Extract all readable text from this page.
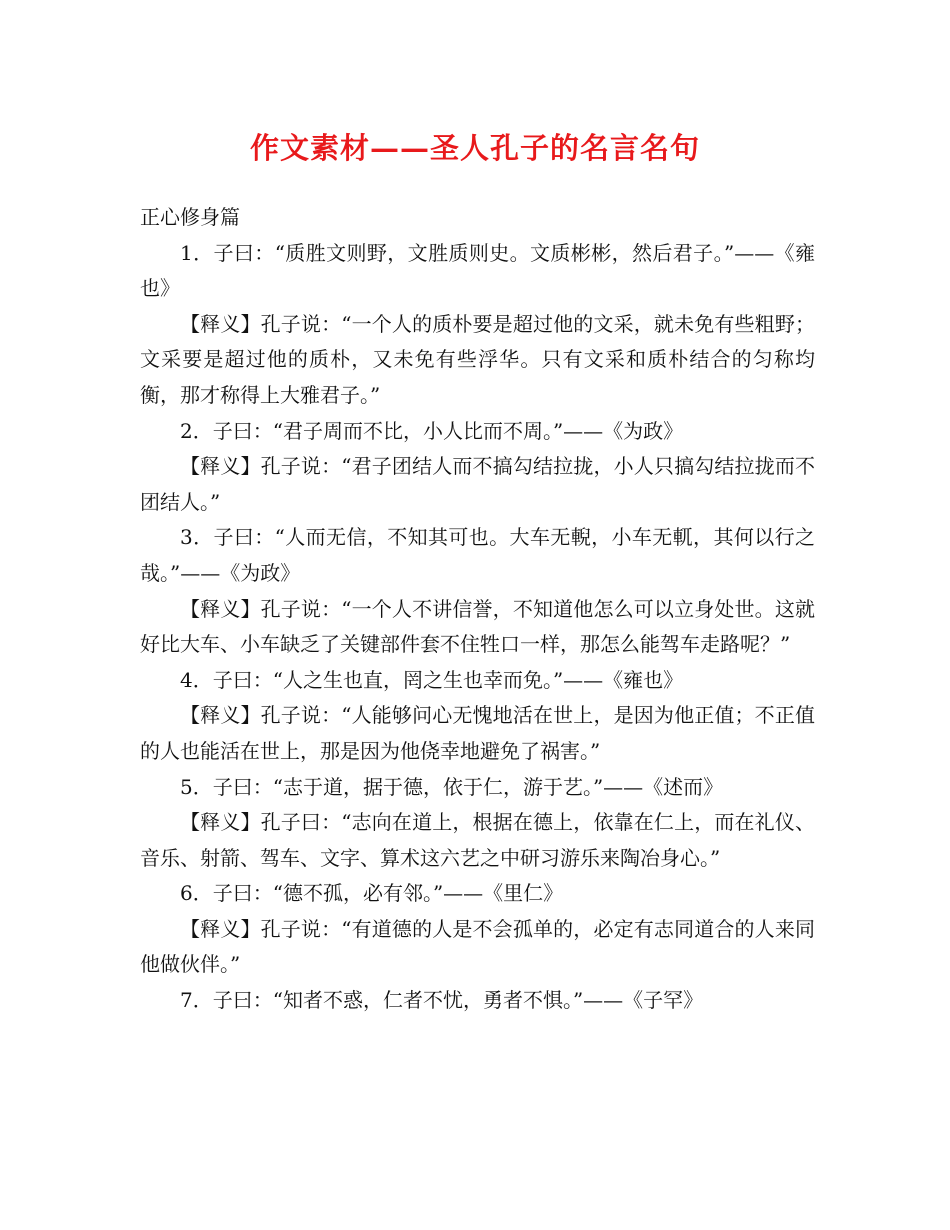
作文素材——圣人孔子的名言名句

正心修身篇

1．子曰：“质胜文则野，文胜质则史。文质彬彬，然后君子。”——《雍也》

【释义】孔子说：“一个人的质朴要是超过他的文采，就未免有些粗野；文采要是超过他的质朴，又未免有些浮华。只有文采和质朴结合的匀称均衡，那才称得上大雅君子。”

2．子曰：“君子周而不比，小人比而不周。”——《为政》

【释义】孔子说：“君子团结人而不搞勾结拉拢，小人只搞勾结拉拢而不团结人。”

3．子曰：“人而无信，不知其可也。大车无輗，小车无軏，其何以行之哉。”——《为政》

【释义】孔子说：“一个人不讲信誉，不知道他怎么可以立身处世。这就好比大车、小车缺乏了关键部件套不住牲口一样，那怎么能驾车走路呢？”

4．子曰：“人之生也直，罔之生也幸而免。”——《雍也》

【释义】孔子说：“人能够问心无愧地活在世上，是因为他正值；不正值的人也能活在世上，那是因为他侥幸地避免了祸害。”

5．子曰：“志于道，据于德，依于仁，游于艺。”——《述而》

【释义】孔子曰：“志向在道上，根据在德上，依靠在仁上，而在礼仪、音乐、射箭、驾车、文字、算术这六艺之中研习游乐来陶冶身心。”

6．子曰：“德不孤，必有邻。”——《里仁》

【释义】孔子说：“有道德的人是不会孤单的，必定有志同道合的人来同他做伙伴。”

7．子曰：“知者不惑，仁者不忧，勇者不惧。”——《子罕》
